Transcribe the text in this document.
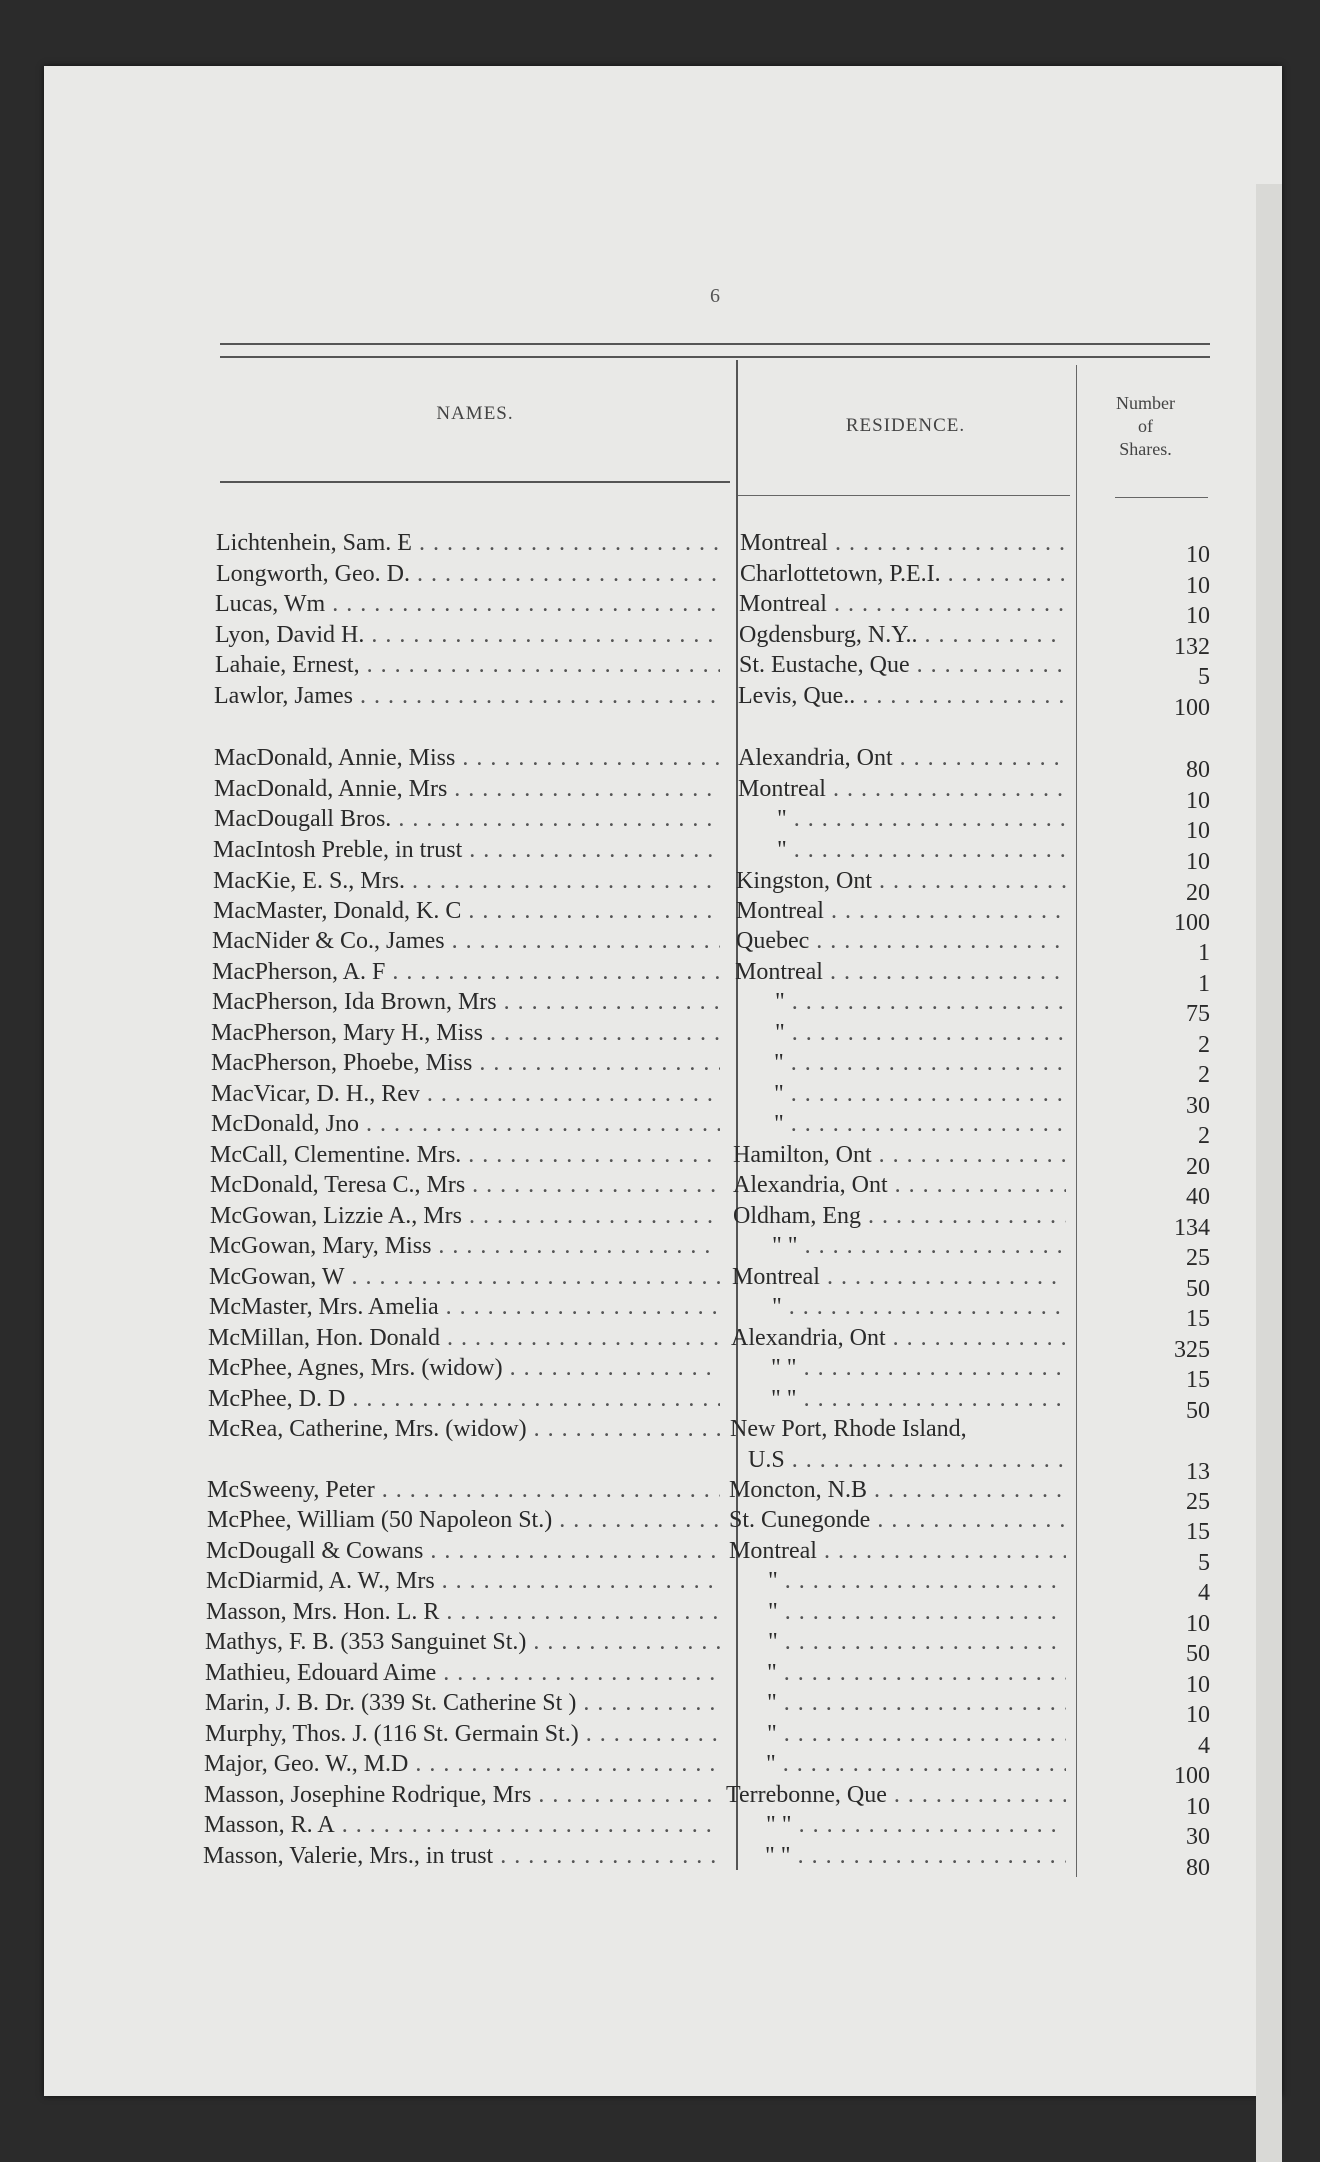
6
NAMES.
RESIDENCE.
Number
of
Shares.
Lichtenhein, Sam. E . . .	Montreal . . .	10
Longworth, Geo. D. . . .	Charlottetown, P.E.I. . . .	10
Lucas, Wm . . .	Montreal . . .	10
Lyon, David H. . . .	Ogdensburg, N.Y.. . . .	132
Lahaie, Ernest, . . .	St. Eustache, Que . . .	5
Lawlor, James . . .	Levis, Que.. . . .	100
MacDonald, Annie, Miss . . .	Alexandria, Ont . . .	80
MacDonald, Annie, Mrs . . .	Montreal . . .	10
MacDougall Bros. . . .	" . . .	10
MacIntosh Preble, in trust . . .	" . . .	10
MacKie, E. S., Mrs. . . .	Kingston, Ont . . .	20
MacMaster, Donald, K. C . . .	Montreal . . .	100
MacNider & Co., James . . .	Quebec . . .	1
MacPherson, A. F . . .	Montreal . . .	1
MacPherson, Ida Brown, Mrs . . .	" . . .	75
MacPherson, Mary H., Miss . . .	" . . .	2
MacPherson, Phoebe, Miss . . .	" . . .	2
MacVicar, D. H., Rev . . .	" . . .	30
McDonald, Jno . . .	" . . .	2
McCall, Clementine. Mrs. . . .	Hamilton, Ont . . .	20
McDonald, Teresa C., Mrs . . .	Alexandria, Ont . . .	40
McGowan, Lizzie A., Mrs . . .	Oldham, Eng . . .	134
McGowan, Mary, Miss . . .	" " . . .	25
McGowan, W . . .	Montreal . . .	50
McMaster, Mrs. Amelia . . .	" . . .	15
McMillan, Hon. Donald . . .	Alexandria, Ont . . .	325
McPhee, Agnes, Mrs. (widow) . . .	" " . . .	15
McPhee, D. D . . .	" " . . .	50
McRea, Catherine, Mrs. (widow) . . .	New Port, Rhode Island,
U.S . . .	13
McSweeny, Peter . . .	Moncton, N.B . . .	25
McPhee, William (50 Napoleon St.) . . .	St. Cunegonde . . .	15
McDougall & Cowans . . .	Montreal . . .	5
McDiarmid, A. W., Mrs . . .	" . . .	4
Masson, Mrs. Hon. L. R . . .	" . . .	10
Mathys, F. B. (353 Sanguinet St.) . . .	" . . .	50
Mathieu, Edouard Aime . . .	" . . .	10
Marin, J. B. Dr. (339 St. Catherine St ) . . .	" . . .	10
Murphy, Thos. J. (116 St. Germain St.) . . .	" . . .	4
Major, Geo. W., M.D . . .	" . . .	100
Masson, Josephine Rodrique, Mrs . . .	Terrebonne, Que . . .	10
Masson, R. A . . .	" " . . .	30
Masson, Valerie, Mrs., in trust . . .	" " . . .	80
